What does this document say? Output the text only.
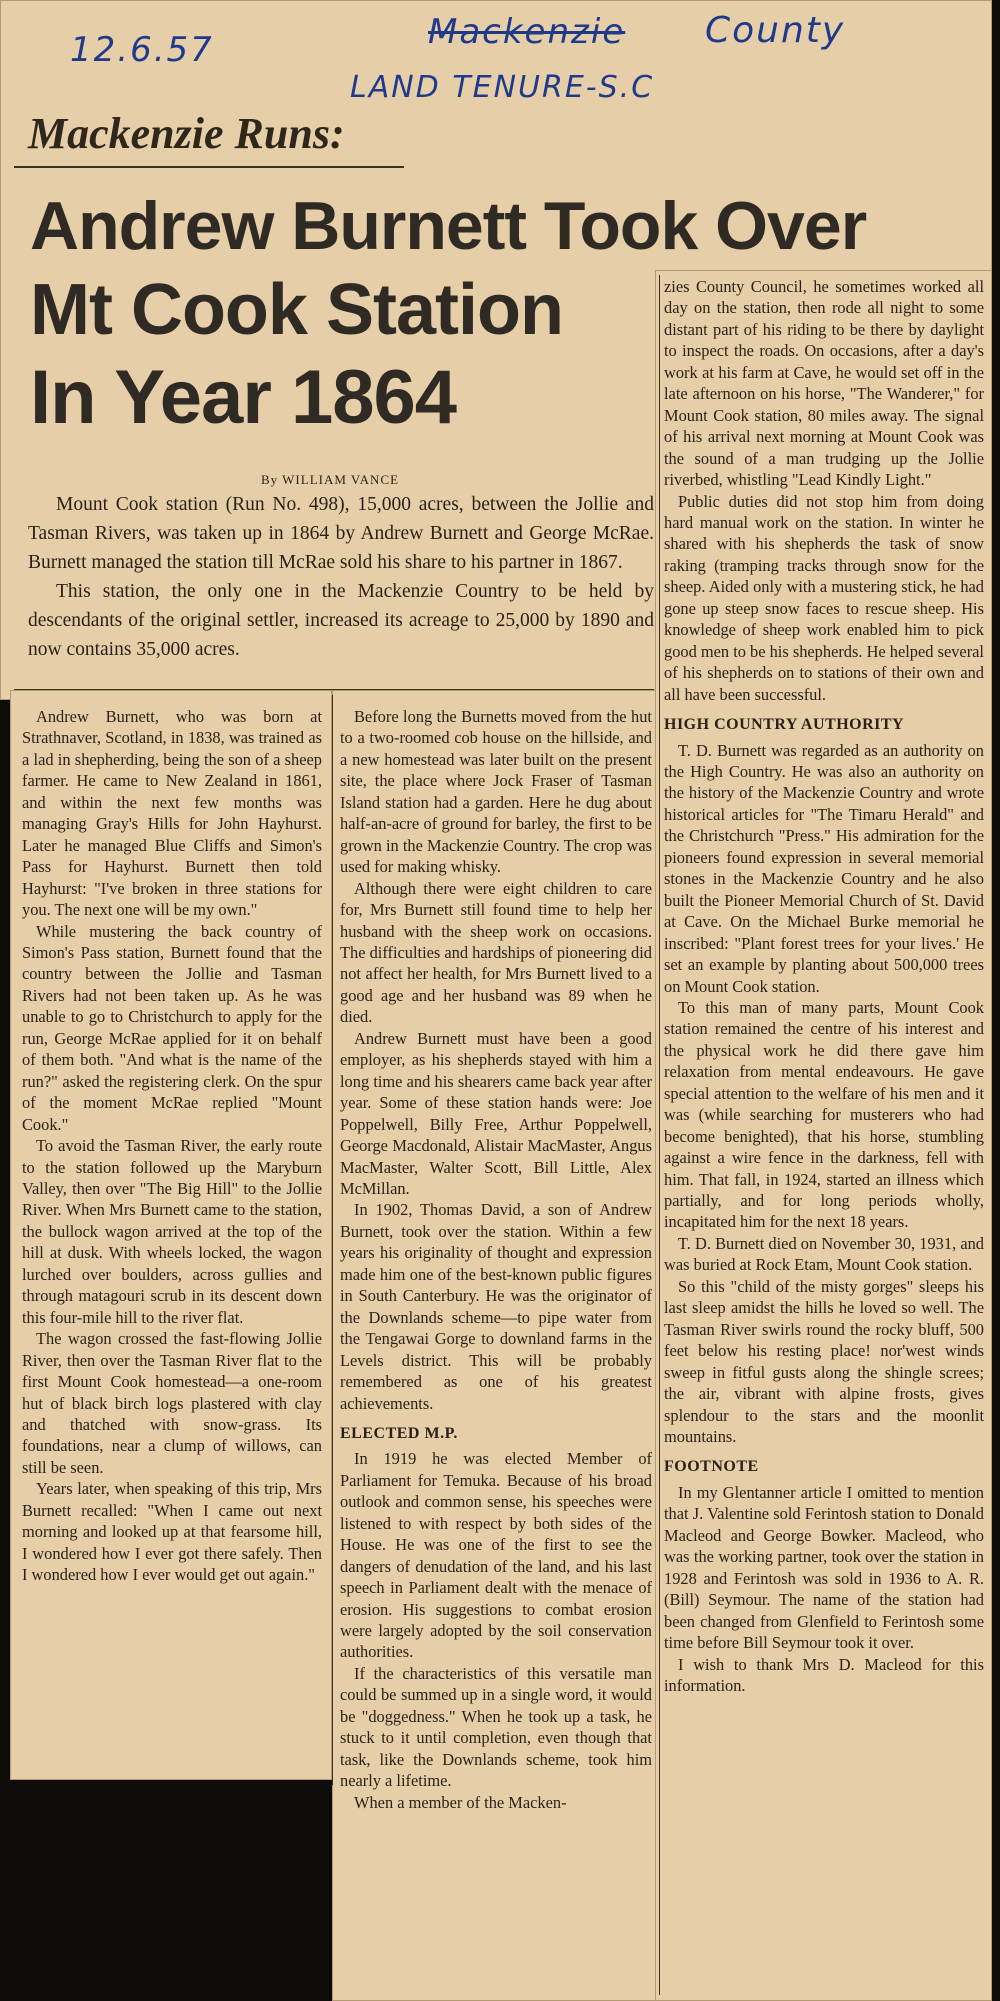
12.6.57	Mackenzie County
LAND TENURE-S.C
Mackenzie Runs:
Andrew Burnett Took Over
Mt Cook Station
In Year 1864
By WILLIAM VANCE

Mount Cook station (Run No. 498), 15,000 acres, between the Jollie and Tasman Rivers, was taken up in 1864 by Andrew Burnett and George McRae. Burnett managed the station till McRae sold his share to his partner in 1867.

This station, the only one in the Mackenzie Country to be held by descendants of the original settler, increased its acreage to 25,000 by 1890 and now contains 35,000 acres.

Andrew Burnett, who was born at Strathnaver, Scotland, in 1838, was trained as a lad in shepherding, being the son of a sheep farmer. He came to New Zealand in 1861, and within the next few months was managing Gray's Hills for John Hayhurst. Later he managed Blue Cliffs and Simon's Pass for Hayhurst. Burnett then told Hayhurst: "I've broken in three stations for you. The next one will be my own."

While mustering the back country of Simon's Pass station, Burnett found that the country between the Jollie and Tasman Rivers had not been taken up. As he was unable to go to Christchurch to apply for the run, George McRae applied for it on behalf of them both. "And what is the name of the run?" asked the registering clerk. On the spur of the moment McRae replied "Mount Cook."

To avoid the Tasman River, the early route to the station followed up the Maryburn Valley, then over "The Big Hill" to the Jollie River. When Mrs Burnett came to the station, the bullock wagon arrived at the top of the hill at dusk. With wheels locked, the wagon lurched over boulders, across gullies and through matagouri scrub in its descent down this four-mile hill to the river flat.

The wagon crossed the fast-flowing Jollie River, then over the Tasman River flat to the first Mount Cook homestead—a one-room hut of black birch logs plastered with clay and thatched with snow-grass. Its foundations, near a clump of willows, can still be seen.

Years later, when speaking of this trip, Mrs Burnett recalled: "When I came out next morning and looked up at that fearsome hill, I wondered how I ever got there safely. Then I wondered how I ever would get out again."

Before long the Burnetts moved from the hut to a two-roomed cob house on the hillside, and a new homestead was later built on the present site, the place where Jock Fraser of Tasman Island station had a garden. Here he dug about half-an-acre of ground for barley, the first to be grown in the Mackenzie Country. The crop was used for making whisky.

Although there were eight children to care for, Mrs Burnett still found time to help her husband with the sheep work on occasions. The difficulties and hardships of pioneering did not affect her health, for Mrs Burnett lived to a good age and her husband was 89 when he died.

Andrew Burnett must have been a good employer, as his shepherds stayed with him a long time and his shearers came back year after year. Some of these station hands were: Joe Poppelwell, Billy Free, Arthur Poppelwell, George Macdonald, Alistair MacMaster, Angus MacMaster, Walter Scott, Bill Little, Alex McMillan.

In 1902, Thomas David, a son of Andrew Burnett, took over the station. Within a few years his originality of thought and expression made him one of the best-known public figures in South Canterbury. He was the originator of the Downlands scheme—to pipe water from the Tengawai Gorge to downland farms in the Levels district. This will be probably remembered as one of his greatest achievements.

ELECTED M.P.

In 1919 he was elected Member of Parliament for Temuka. Because of his broad outlook and common sense, his speeches were listened to with respect by both sides of the House. He was one of the first to see the dangers of denudation of the land, and his last speech in Parliament dealt with the menace of erosion. His suggestions to combat erosion were largely adopted by the soil conservation authorities.

If the characteristics of this versatile man could be summed up in a single word, it would be "doggedness." When he took up a task, he stuck to it until completion, even though that task, like the Downlands scheme, took him nearly a lifetime.

When a member of the Macken-

zies County Council, he sometimes worked all day on the station, then rode all night to some distant part of his riding to be there by daylight to inspect the roads. On occasions, after a day's work at his farm at Cave, he would set off in the late afternoon on his horse, "The Wanderer," for Mount Cook station, 80 miles away. The signal of his arrival next morning at Mount Cook was the sound of a man trudging up the Jollie riverbed, whistling "Lead Kindly Light."

Public duties did not stop him from doing hard manual work on the station. In winter he shared with his shepherds the task of snow raking (tramping tracks through snow for the sheep. Aided only with a mustering stick, he had gone up steep snow faces to rescue sheep. His knowledge of sheep work enabled him to pick good men to be his shepherds. He helped several of his shepherds on to stations of their own and all have been successful.

HIGH COUNTRY AUTHORITY

T. D. Burnett was regarded as an authority on the High Country. He was also an authority on the history of the Mackenzie Country and wrote historical articles for "The Timaru Herald" and the Christchurch "Press." His admiration for the pioneers found expression in several memorial stones in the Mackenzie Country and he also built the Pioneer Memorial Church of St. David at Cave. On the Michael Burke memorial he inscribed: "Plant forest trees for your lives.' He set an example by planting about 500,000 trees on Mount Cook station.

To this man of many parts, Mount Cook station remained the centre of his interest and the physical work he did there gave him relaxation from mental endeavours. He gave special attention to the welfare of his men and it was (while searching for musterers who had become benighted), that his horse, stumbling against a wire fence in the darkness, fell with him. That fall, in 1924, started an illness which partially, and for long periods wholly, incapitated him for the next 18 years.

T. D. Burnett died on November 30, 1931, and was buried at Rock Etam, Mount Cook station.

So this "child of the misty gorges" sleeps his last sleep amidst the hills he loved so well. The Tasman River swirls round the rocky bluff, 500 feet below his resting place! nor'west winds sweep in fitful gusts along the shingle screes; the air, vibrant with alpine frosts, gives splendour to the stars and the moonlit mountains.

FOOTNOTE

In my Glentanner article I omitted to mention that J. Valentine sold Ferintosh station to Donald Macleod and George Bowker. Macleod, who was the working partner, took over the station in 1928 and Ferintosh was sold in 1936 to A. R. (Bill) Seymour. The name of the station had been changed from Glenfield to Ferintosh some time before Bill Seymour took it over.

I wish to thank Mrs D. Macleod for this information.
